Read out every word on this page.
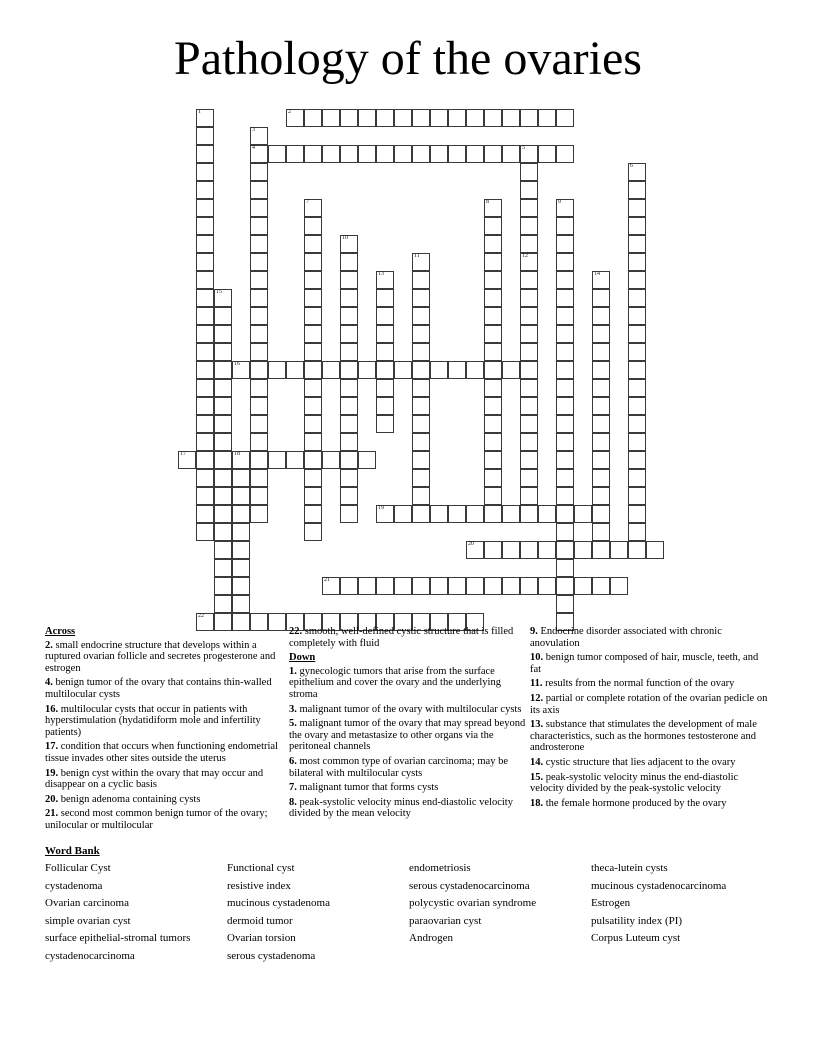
Pathology of the ovaries
1	2
3
4	5
12
6
7	8	9
10
11
13	14
15
16
17	18
19
20
21
22
Across
2. small endocrine structure that develops within a ruptured ovarian follicle and secretes progesterone and estrogen
4. benign tumor of the ovary that contains thin-walled multilocular cysts
16. multilocular cysts that occur in patients with hyperstimulation (hydatidiform mole and infertility patients)
17. condition that occurs when functioning endometrial tissue invades other sites outside the uterus
19. benign cyst within the ovary that may occur and disappear on a cyclic basis
20. benign adenoma containing cysts
21. second most common benign tumor of the ovary; unilocular or multilocular
22. smooth, well-defined cystic structure that is filled completely with fluid
Down
1. gynecologic tumors that arise from the surface epithelium and cover the ovary and the underlying stroma
3. malignant tumor of the ovary with multilocular cysts
5. malignant tumor of the ovary that may spread beyond the ovary and metastasize to other organs via the peritoneal channels
6. most common type of ovarian carcinoma; may be bilateral with multilocular cysts
7. malignant tumor that forms cysts
8. peak-systolic velocity minus end-diastolic velocity divided by the mean velocity
9. Endocrine disorder associated with chronic anovulation
10. benign tumor composed of hair, muscle, teeth, and fat
11. results from the normal function of the ovary
12. partial or complete rotation of the ovarian pedicle on its axis
13. substance that stimulates the development of male characteristics, such as the hormones testosterone and androsterone
14. cystic structure that lies adjacent to the ovary
15. peak-systolic velocity minus the end-diastolic velocity divided by the peak-systolic velocity
18. the female hormone produced by the ovary
Word Bank
Follicular Cyst
cystadenoma
Ovarian carcinoma
simple ovarian cyst
surface epithelial-stromal tumors
cystadenocarcinoma
Functional cyst
resistive index
mucinous cystadenoma
dermoid tumor
Ovarian torsion
serous cystadenoma
endometriosis
serous cystadenocarcinoma
polycystic ovarian syndrome
paraovarian cyst
Androgen
theca-lutein cysts
mucinous cystadenocarcinoma
Estrogen
pulsatility index (PI)
Corpus Luteum cyst
